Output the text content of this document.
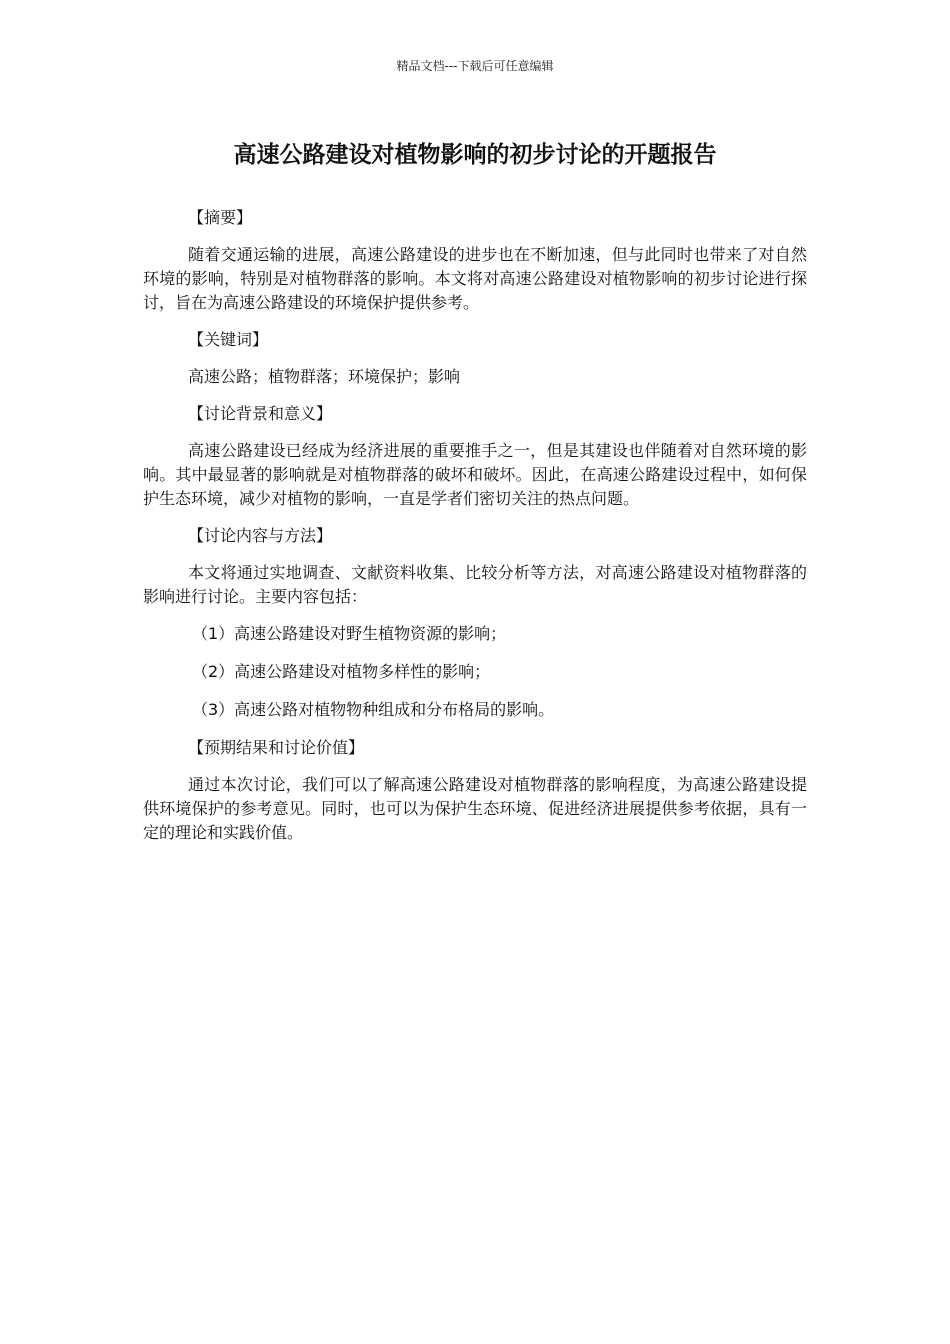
精品文档---下载后可任意编辑
高速公路建设对植物影响的初步讨论的开题报告

【摘要】

随着交通运输的进展，高速公路建设的进步也在不断加速，但与此同时也带来了对自然环境的影响，特别是对植物群落的影响。本文将对高速公路建设对植物影响的初步讨论进行探讨，旨在为高速公路建设的环境保护提供参考。

【关键词】

高速公路；植物群落；环境保护；影响

【讨论背景和意义】

高速公路建设已经成为经济进展的重要推手之一，但是其建设也伴随着对自然环境的影响。其中最显著的影响就是对植物群落的破坏和破坏。因此，在高速公路建设过程中，如何保护生态环境，减少对植物的影响，一直是学者们密切关注的热点问题。

【讨论内容与方法】

本文将通过实地调查、文献资料收集、比较分析等方法，对高速公路建设对植物群落的影响进行讨论。主要内容包括：

（1）高速公路建设对野生植物资源的影响；

（2）高速公路建设对植物多样性的影响；

（3）高速公路对植物物种组成和分布格局的影响。

【预期结果和讨论价值】

通过本次讨论，我们可以了解高速公路建设对植物群落的影响程度，为高速公路建设提供环境保护的参考意见。同时，也可以为保护生态环境、促进经济进展提供参考依据，具有一定的理论和实践价值。
